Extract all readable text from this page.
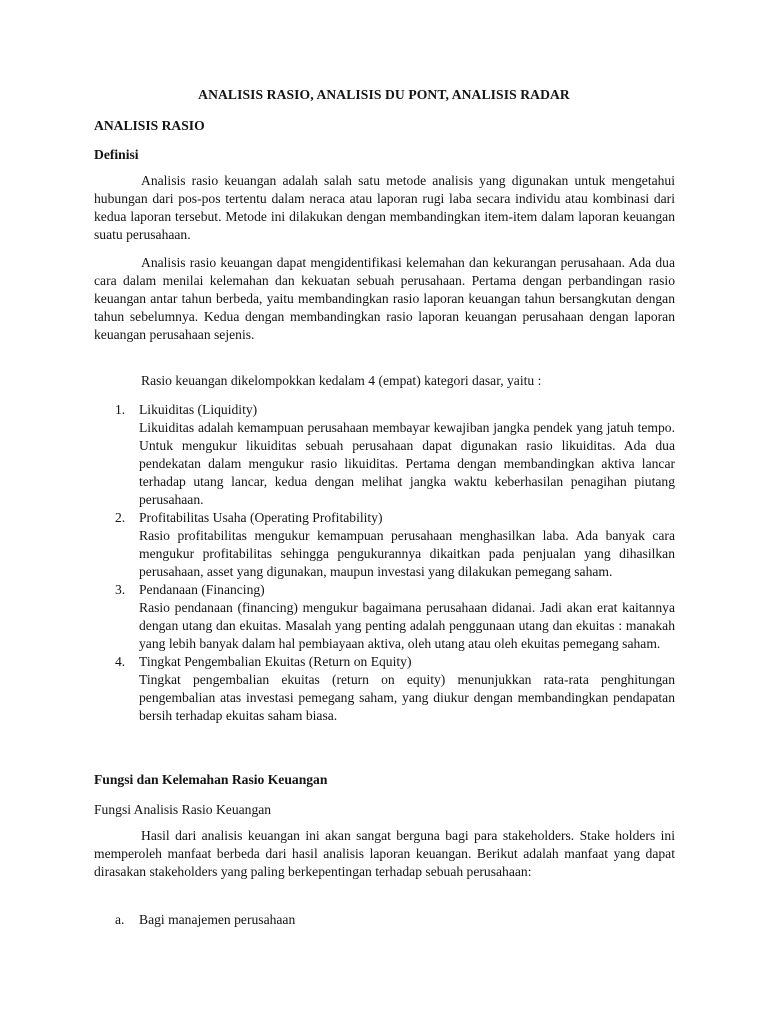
ANALISIS RASIO, ANALISIS DU PONT, ANALISIS RADAR
ANALISIS RASIO
Definisi

Analisis rasio keuangan adalah salah satu metode analisis yang digunakan untuk mengetahui hubungan dari pos-pos tertentu dalam neraca atau laporan rugi laba secara individu atau kombinasi dari kedua laporan tersebut. Metode ini dilakukan dengan membandingkan item-item dalam laporan keuangan suatu perusahaan.

Analisis rasio keuangan dapat mengidentifikasi kelemahan dan kekurangan perusahaan. Ada dua cara dalam menilai kelemahan dan kekuatan sebuah perusahaan. Pertama dengan perbandingan rasio keuangan antar tahun berbeda, yaitu membandingkan rasio laporan keuangan tahun bersangkutan dengan tahun sebelumnya. Kedua dengan membandingkan rasio laporan keuangan perusahaan dengan laporan keuangan perusahaan sejenis.

Rasio keuangan dikelompokkan kedalam 4 (empat) kategori dasar, yaitu :

1. Likuiditas (Liquidity)
Likuiditas adalah kemampuan perusahaan membayar kewajiban jangka pendek yang jatuh tempo. Untuk mengukur likuiditas sebuah perusahaan dapat digunakan rasio likuiditas. Ada dua pendekatan dalam mengukur rasio likuiditas. Pertama dengan membandingkan aktiva lancar terhadap utang lancar, kedua dengan melihat jangka waktu keberhasilan penagihan piutang perusahaan.
2. Profitabilitas Usaha (Operating Profitability)
Rasio profitabilitas mengukur kemampuan perusahaan menghasilkan laba. Ada banyak cara mengukur profitabilitas sehingga pengukurannya dikaitkan pada penjualan yang dihasilkan perusahaan, asset yang digunakan, maupun investasi yang dilakukan pemegang saham.
3. Pendanaan (Financing)
Rasio pendanaan (financing) mengukur bagaimana perusahaan didanai. Jadi akan erat kaitannya dengan utang dan ekuitas. Masalah yang penting adalah penggunaan utang dan ekuitas : manakah yang lebih banyak dalam hal pembiayaan aktiva, oleh utang atau oleh ekuitas pemegang saham.
4. Tingkat Pengembalian Ekuitas (Return on Equity)
Tingkat pengembalian ekuitas (return on equity) menunjukkan rata-rata penghitungan pengembalian atas investasi pemegang saham, yang diukur dengan membandingkan pendapatan bersih terhadap ekuitas saham biasa.
Fungsi dan Kelemahan Rasio Keuangan
Fungsi Analisis Rasio Keuangan

Hasil dari analisis keuangan ini akan sangat berguna bagi para stakeholders. Stake holders ini memperoleh manfaat berbeda dari hasil analisis laporan keuangan. Berikut adalah manfaat yang dapat dirasakan stakeholders yang paling berkepentingan terhadap sebuah perusahaan:

a. Bagi manajemen perusahaan
